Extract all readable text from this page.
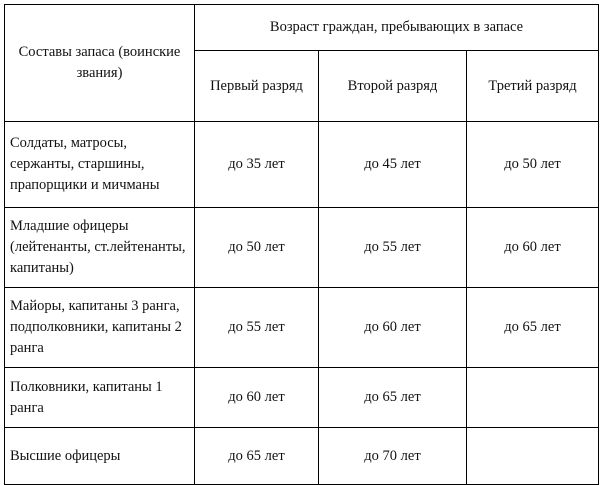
Составы запаса (воинские звания)	Возраст граждан, пребывающих в запасе		
	Первый разряд	Второй разряд	Третий разряд
Солдаты, матросы, сержанты, старшины, прапорщики и мичманы	до 35 лет	до 45 лет	до 50 лет
Младшие офицеры (лейтенанты, ст.лейтенанты, капитаны)	до 50 лет	до 55 лет	до 60 лет
Майоры, капитаны 3 ранга, подполковники, капитаны 2 ранга	до 55 лет	до 60 лет	до 65 лет
Полковники, капитаны 1 ранга	до 60 лет	до 65 лет	
Высшие офицеры	до 65 лет	до 70 лет	
